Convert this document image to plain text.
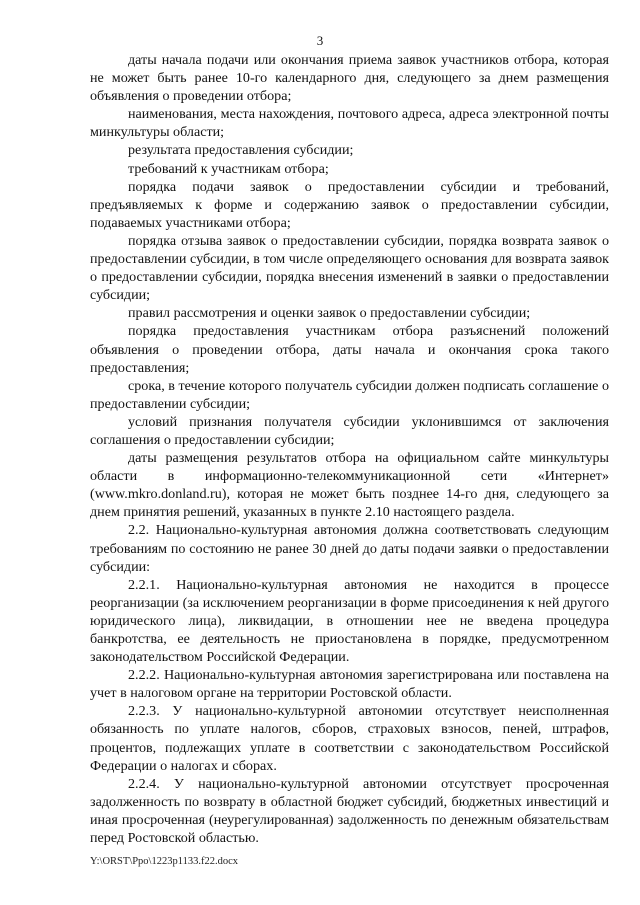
3

даты начала подачи или окончания приема заявок участников отбора, которая не может быть ранее 10-го календарного дня, следующего за днем размещения объявления о проведении отбора;

наименования, места нахождения, почтового адреса, адреса электронной почты минкультуры области;

результата предоставления субсидии;

требований к участникам отбора;

порядка подачи заявок о предоставлении субсидии и требований, предъявляемых к форме и содержанию заявок о предоставлении субсидии, подаваемых участниками отбора;

порядка отзыва заявок о предоставлении субсидии, порядка возврата заявок о предоставлении субсидии, в том числе определяющего основания для возврата заявок о предоставлении субсидии, порядка внесения изменений в заявки о предоставлении субсидии;

правил рассмотрения и оценки заявок о предоставлении субсидии;

порядка предоставления участникам отбора разъяснений положений объявления о проведении отбора, даты начала и окончания срока такого предоставления;

срока, в течение которого получатель субсидии должен подписать соглашение о предоставлении субсидии;

условий признания получателя субсидии уклонившимся от заключения соглашения о предоставлении субсидии;

даты размещения результатов отбора на официальном сайте минкультуры области в информационно-телекоммуникационной сети «Интернет» (www.mkro.donland.ru), которая не может быть позднее 14-го дня, следующего за днем принятия решений, указанных в пункте 2.10 настоящего раздела.

2.2. Национально-культурная автономия должна соответствовать следующим требованиям по состоянию не ранее 30 дней до даты подачи заявки о предоставлении субсидии:

2.2.1. Национально-культурная автономия не находится в процессе реорганизации (за исключением реорганизации в форме присоединения к ней другого юридического лица), ликвидации, в отношении нее не введена процедура банкротства, ее деятельность не приостановлена в порядке, предусмотренном законодательством Российской Федерации.

2.2.2. Национально-культурная автономия зарегистрирована или поставлена на учет в налоговом органе на территории Ростовской области.

2.2.3. У национально-культурной автономии отсутствует неисполненная обязанность по уплате налогов, сборов, страховых взносов, пеней, штрафов, процентов, подлежащих уплате в соответствии с законодательством Российской Федерации о налогах и сборах.

2.2.4. У национально-культурной автономии отсутствует просроченная задолженность по возврату в областной бюджет субсидий, бюджетных инвестиций и иная просроченная (неурегулированная) задолженность по денежным обязательствам перед Ростовской областью.

Y:\ORST\Ppo\1223p1133.f22.docx
